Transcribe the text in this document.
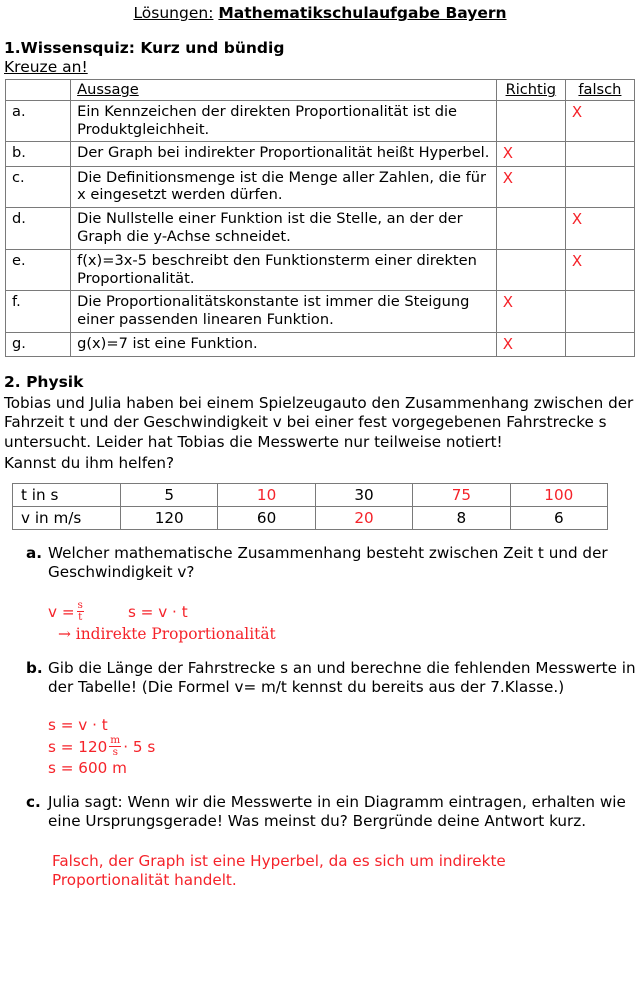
Lösungen: Mathematikschulaufgabe Bayern
1.Wissensquiz: Kurz und bündig
Kreuze an!
	Aussage	Richtig	falsch
a.	Ein Kennzeichen der direkten Proportionalität ist die Produktgleichheit.		X
b.	Der Graph bei indirekter Proportionalität heißt Hyperbel.	X	
c.	Die Definitionsmenge ist die Menge aller Zahlen, die für x eingesetzt werden dürfen.	X	
d.	Die Nullstelle einer Funktion ist die Stelle, an der der Graph die y-Achse schneidet.		X
e.	f(x)=3x-5 beschreibt den Funktionsterm einer direkten Proportionalität.		X
f.	Die Proportionalitätskonstante ist immer die Steigung einer passenden linearen Funktion.	X	
g.	g(x)=7 ist eine Funktion.	X	
2. Physik
Tobias und Julia haben bei einem Spielzeugauto den Zusammenhang zwischen der Fahrzeit t und der Geschwindigkeit v bei einer fest vorgegebenen Fahrstrecke s untersucht. Leider hat Tobias die Messwerte nur teilweise notiert!
Kannst du ihm helfen?
t in s	5	10	30	75	100
v in m/s	120	60	20	8	6
a. Welcher mathematische Zusammenhang besteht zwischen Zeit t und der Geschwindigkeit v?
$v = \frac{s}{t}$	s = v · t
→ indirekte Proportionalität
b. Gib die Länge der Fahrstrecke s an und berechne die fehlenden Messwerte in der Tabelle! (Die Formel v= m/t kennst du bereits aus der 7.Klasse.)
s = v · t
$s = 120 \frac{m}{s} \cdot 5$ s
s = 600 m
c. Julia sagt: Wenn wir die Messwerte in ein Diagramm eintragen, erhalten wie eine Ursprungsgerade! Was meinst du? Bergründe deine Antwort kurz.
Falsch, der Graph ist eine Hyperbel, da es sich um indirekte
Proportionalität handelt.
